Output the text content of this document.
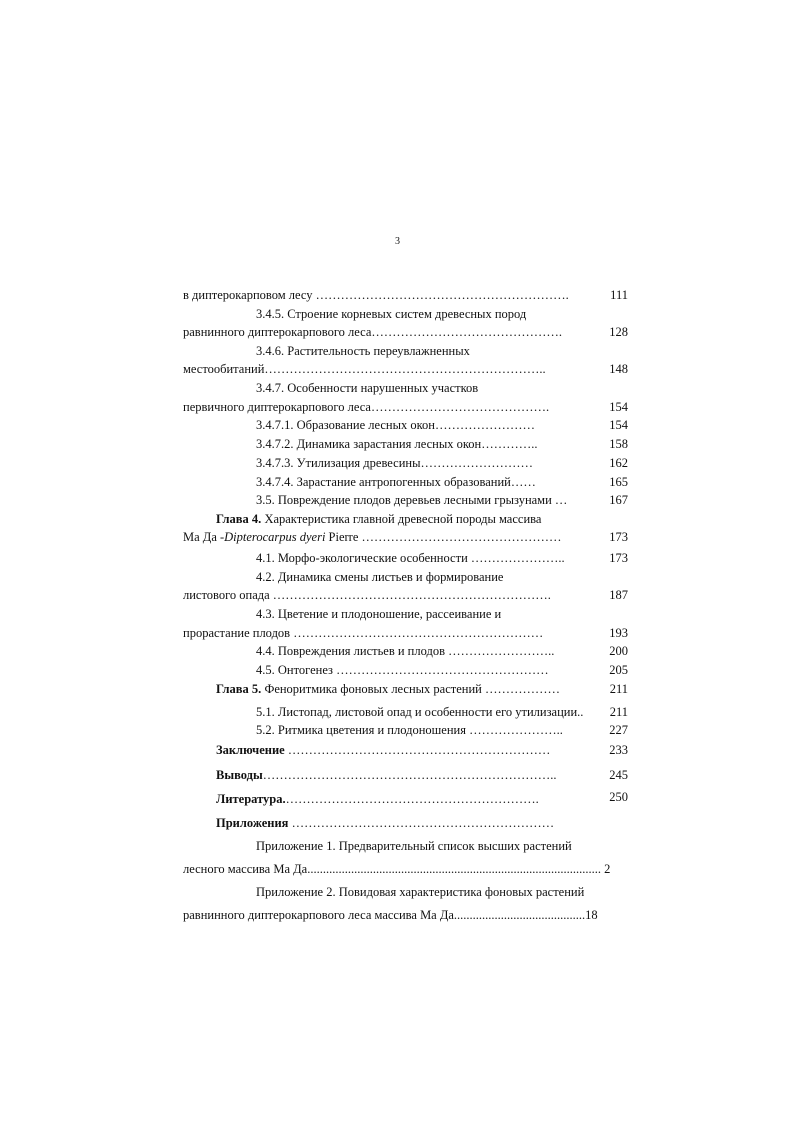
3
в диптерокарповом лесу …………………………………………………….	111
3.4.5. Строение корневых систем древесных пород
равнинного диптерокарпового леса……………………………………….	128
3.4.6. Растительность переувлажненных
местообитаний…………………………………………………………..	148
3.4.7. Особенности нарушенных участков
первичного диптерокарпового леса…………………………………….	154
3.4.7.1. Образование лесных окон……………………	154
3.4.7.2. Динамика зарастания лесных окон…………..	158
3.4.7.3. Утилизация древесины………………………	162
3.4.7.4. Зарастание антропогенных образований……	165
3.5. Повреждение плодов деревьев лесными грызунами …	167
Глава 4. Характеристика главной древесной породы массива
Ма Да -Dipterocarpus dyeri Pierre …………………………………………	173
4.1. Морфо-экологические особенности …………………..	173
4.2. Динамика смены листьев и формирование
листового опада ………………………………………………………….	187
4.3. Цветение и плодоношение, рассеивание и
прорастание плодов ……………………………………………………	193
4.4. Повреждения листьев и плодов ……………………..	200
4.5. Онтогенез ……………………………………………	205
Глава 5. Феноритмика фоновых лесных растений ………………	211
5.1. Листопад, листовой опад и особенности его утилизации..	211
5.2. Ритмика цветения и плодоношения …………………..	227
Заключение ………………………………………………………	233
Выводы……………………………………………………………..	245
Литература.…………………………………………………….	250
Приложения ………………………………………………………
Приложение 1. Предварительный список высших растений
лесного массива Ма Да.............................................................................................. 2
Приложение 2. Повидовая характеристика фоновых растений
равнинного диптерокарпового леса массива Ма Да..........................................18
